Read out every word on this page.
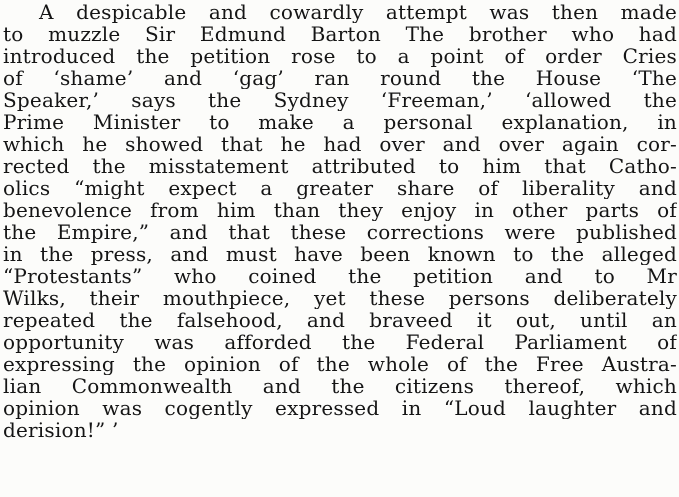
A despicable and cowardly attempt was then made
to muzzle Sir Edmund Barton The brother who had
introduced the petition rose to a point of order Cries
of ‘shame’ and ‘gag’ ran round the House ‘The
Speaker,’ says the Sydney ‘Freeman,’ ‘allowed the
Prime Minister to make a personal explanation, in
which he showed that he had over and over again cor-
rected the misstatement attributed to him that Catho-
olics “might expect a greater share of liberality and
benevolence from him than they enjoy in other parts of
the Empire,” and that these corrections were published
in the press, and must have been known to the alleged
“Protestants” who coined the petition and to Mr
Wilks, their mouthpiece, yet these persons deliberately
repeated the falsehood, and braveed it out, until an
opportunity was afforded the Federal Parliament of
expressing the opinion of the whole of the Free Austra-
lian Commonwealth and the citizens thereof, which
opinion was cogently expressed in “Loud laughter and
derision!” ’
